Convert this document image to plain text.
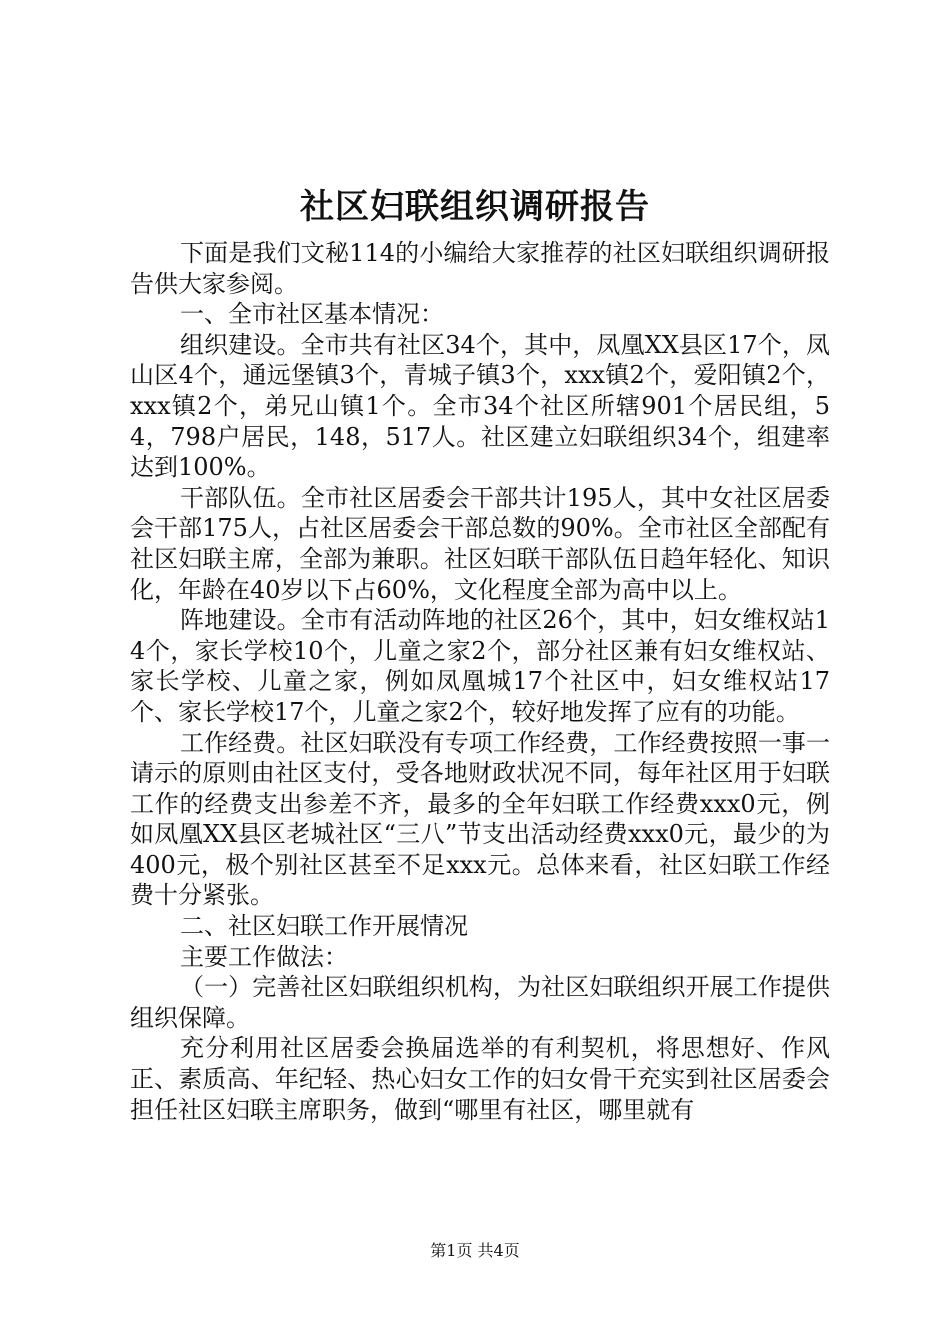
社区妇联组织调研报告

下面是我们文秘114的小编给大家推荐的社区妇联组织调研报告供大家参阅。

一、全市社区基本情况：

组织建设。全市共有社区34个，其中，凤凰XX县区17个，凤山区4个，通远堡镇3个，青城子镇3个，xxx镇2个，爱阳镇2个，xxx镇2个，弟兄山镇1个。全市34个社区所辖901个居民组，54，798户居民，148，517人。社区建立妇联组织34个，组建率达到100%。

干部队伍。全市社区居委会干部共计195人，其中女社区居委会干部175人，占社区居委会干部总数的90%。全市社区全部配有社区妇联主席，全部为兼职。社区妇联干部队伍日趋年轻化、知识化，年龄在40岁以下占60%，文化程度全部为高中以上。

阵地建设。全市有活动阵地的社区26个，其中，妇女维权站14个，家长学校10个，儿童之家2个，部分社区兼有妇女维权站、家长学校、儿童之家，例如凤凰城17个社区中，妇女维权站17个、家长学校17个，儿童之家2个，较好地发挥了应有的功能。

工作经费。社区妇联没有专项工作经费，工作经费按照一事一请示的原则由社区支付，受各地财政状况不同，每年社区用于妇联工作的经费支出参差不齐，最多的全年妇联工作经费xxx0元，例如凤凰XX县区老城社区“三八”节支出活动经费xxx0元，最少的为400元，极个别社区甚至不足xxx元。总体来看，社区妇联工作经费十分紧张。

二、社区妇联工作开展情况

主要工作做法：

（一）完善社区妇联组织机构，为社区妇联组织开展工作提供组织保障。

充分利用社区居委会换届选举的有利契机，将思想好、作风正、素质高、年纪轻、热心妇女工作的妇女骨干充实到社区居委会担任社区妇联主席职务，做到“哪里有社区，哪里就有

第1页 共4页
